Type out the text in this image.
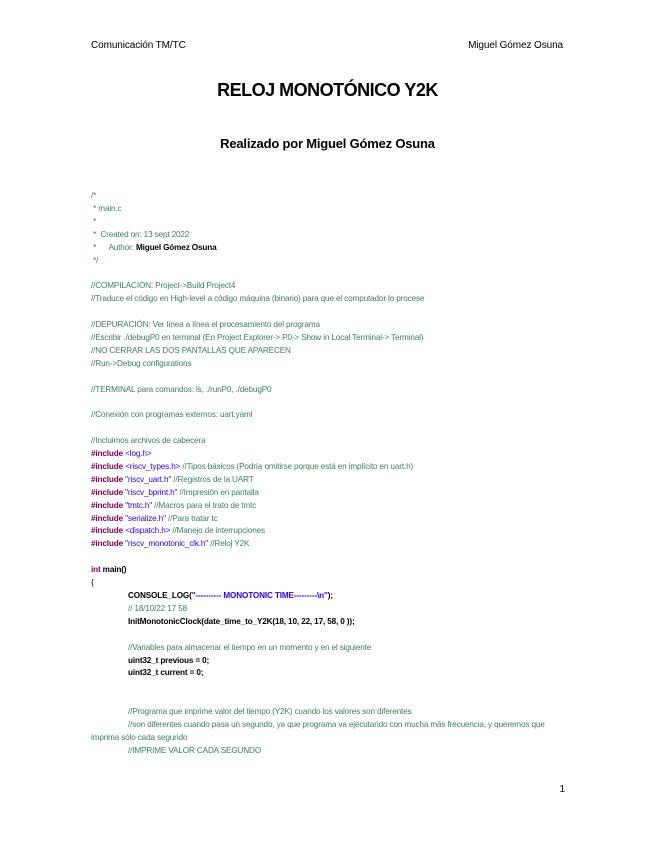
Comunicación TM/TC	Miguel Gómez Osuna
RELOJ MONOTÓNICO Y2K
Realizado por Miguel Gómez Osuna
/*
* main.c
*
*  Created on: 13 sept 2022
*      Author: Miguel Gómez Osuna
*/
//COMPILACIÓN: Project->Build Project4
//Traduce el código en High-level a código máquina (binario) para que el computador lo procese
//DEPURACIÓN: Ver línea a línea el procesamiento del programa
//Escribir ./debugP0 en terminal (En Project Explorer-> P0-> Show in Local Terminal-> Terminal)
//NO CERRAR LAS DOS PANTALLAS QUE APARECEN
//Run->Debug configurations
//TERMINAL para comandos: ls, ./runP0, ./debugP0
//Conexión con programas externos: uart.yaml
//Incluimos archivos de cabecera
#include <log.h>
#include <riscv_types.h> //Tipos básicos (Podría omitirse porque está en implícito en uart.h)
#include "riscv_uart.h" //Registros de la UART
#include "riscv_bprint.h" //Impresión en pantalla
#include "tmtc.h" //Macros para el trato de tmtc
#include "serialize.h" //Para tratar tc
#include <dispatch.h> //Manejo de interrupciones
#include "riscv_monotonic_clk.h" //Reloj Y2K
int main()
{
CONSOLE_LOG("---------- MONOTONIC TIME---------\n");
// 18/10/22 17 58
InitMonotonicClock(date_time_to_Y2K(18, 10, 22, 17, 58, 0 ));
//Variables para almacenar el tiempo en un momento y en el siguiente
uint32_t previous = 0;
uint32_t current = 0;
//Programa que imprime valor del tiempo (Y2K) cuando los valores son diferentes
//son diferentes cuando pasa un segundo, ya que programa va ejecutando con mucha más frecuencia, y queremos que imprima sólo cada segundo
//IMPRIME VALOR CADA SEGUNDO
1
